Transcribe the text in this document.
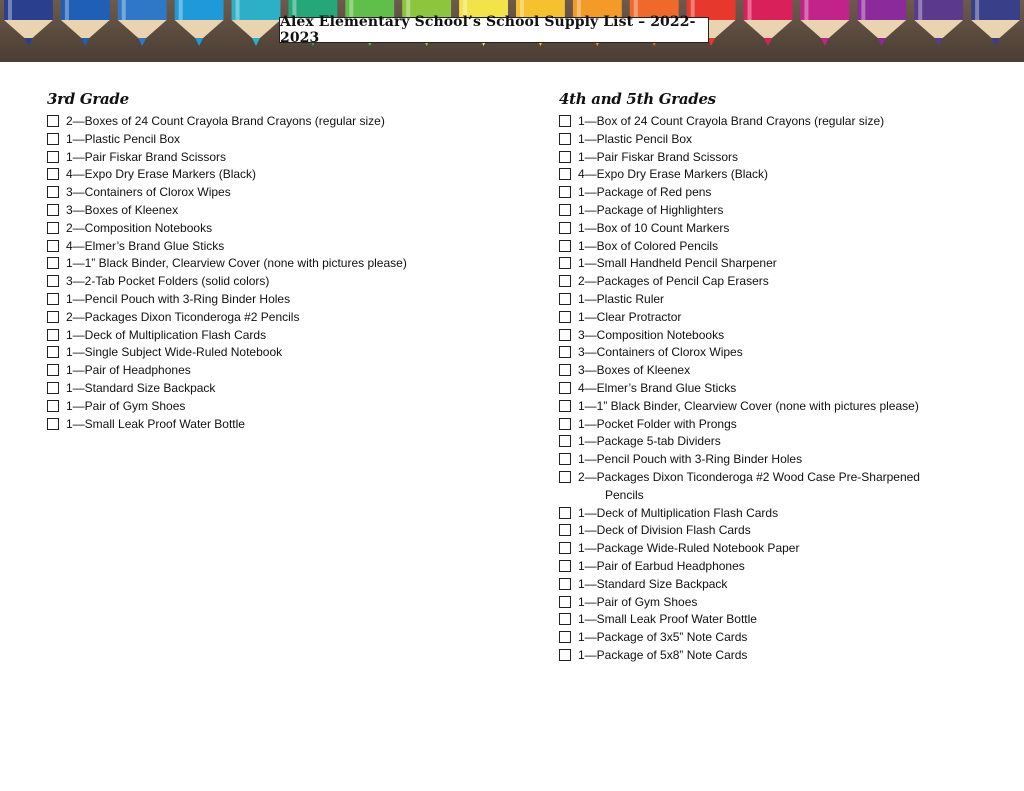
Alex Elementary School’s School Supply List – 2022-2023
3rd Grade
2—Boxes of 24 Count Crayola Brand Crayons (regular size)
1—Plastic Pencil Box
1—Pair Fiskar Brand Scissors
4—Expo Dry Erase Markers (Black)
3—Containers of Clorox Wipes
3—Boxes of Kleenex
2—Composition Notebooks
4—Elmer’s Brand Glue Sticks
1—1” Black Binder, Clearview Cover (none with pictures please)
3—2-Tab Pocket Folders (solid colors)
1—Pencil Pouch with 3-Ring Binder Holes
2—Packages Dixon Ticonderoga #2 Pencils
1—Deck of Multiplication Flash Cards
1—Single Subject Wide-Ruled Notebook
1—Pair of Headphones
1—Standard Size Backpack
1—Pair of Gym Shoes
1—Small Leak Proof Water Bottle
4th and 5th Grades
1—Box of 24 Count Crayola Brand Crayons (regular size)
1—Plastic Pencil Box
1—Pair Fiskar Brand Scissors
4—Expo Dry Erase Markers (Black)
1—Package of Red pens
1—Package of Highlighters
1—Box of 10 Count Markers
1—Box of Colored Pencils
1—Small Handheld Pencil Sharpener
2—Packages of Pencil Cap Erasers
1—Plastic Ruler
1—Clear Protractor
3—Composition Notebooks
3—Containers of Clorox Wipes
3—Boxes of Kleenex
4—Elmer’s Brand Glue Sticks
1—1” Black Binder, Clearview Cover (none with pictures please)
1—Pocket Folder with Prongs
1—Package 5-tab Dividers
1—Pencil Pouch with 3-Ring Binder Holes
2—Packages Dixon Ticonderoga #2 Wood Case Pre-Sharpened
Pencils
1—Deck of Multiplication Flash Cards
1—Deck of Division Flash Cards
1—Package Wide-Ruled Notebook Paper
1—Pair of Earbud Headphones
1—Standard Size Backpack
1—Pair of Gym Shoes
1—Small Leak Proof Water Bottle
1—Package of 3x5” Note Cards
1—Package of 5x8” Note Cards
